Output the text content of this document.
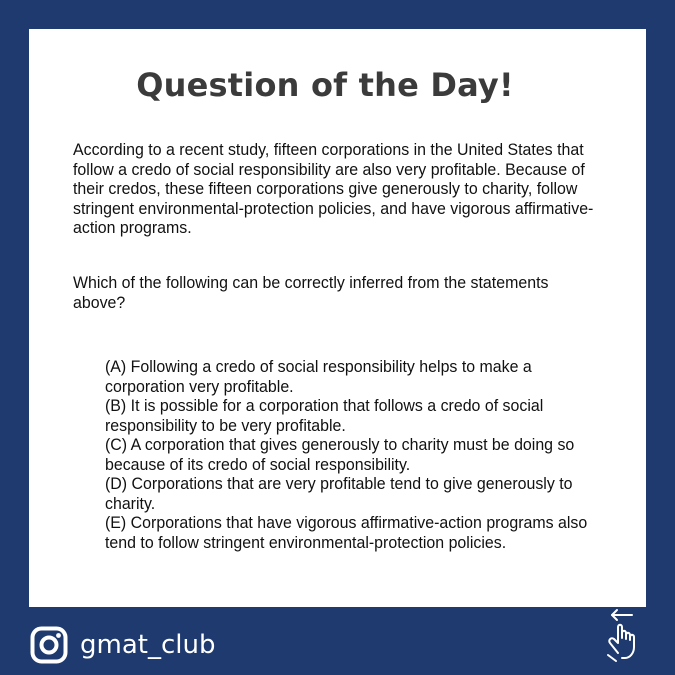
Question of the Day!

According to a recent study, fifteen corporations in the United States that follow a credo of social responsibility are also very profitable. Because of their credos, these fifteen corporations give generously to charity, follow stringent environmental-protection policies, and have vigorous affirmative-action programs.

Which of the following can be correctly inferred from the statements above?

(A) Following a credo of social responsibility helps to make a corporation very profitable.
(B) It is possible for a corporation that follows a credo of social responsibility to be very profitable.
(C) A corporation that gives generously to charity must be doing so because of its credo of social responsibility.
(D) Corporations that are very profitable tend to give generously to charity.
(E) Corporations that have vigorous affirmative-action programs also tend to follow stringent environmental-protection policies.
gmat_club
